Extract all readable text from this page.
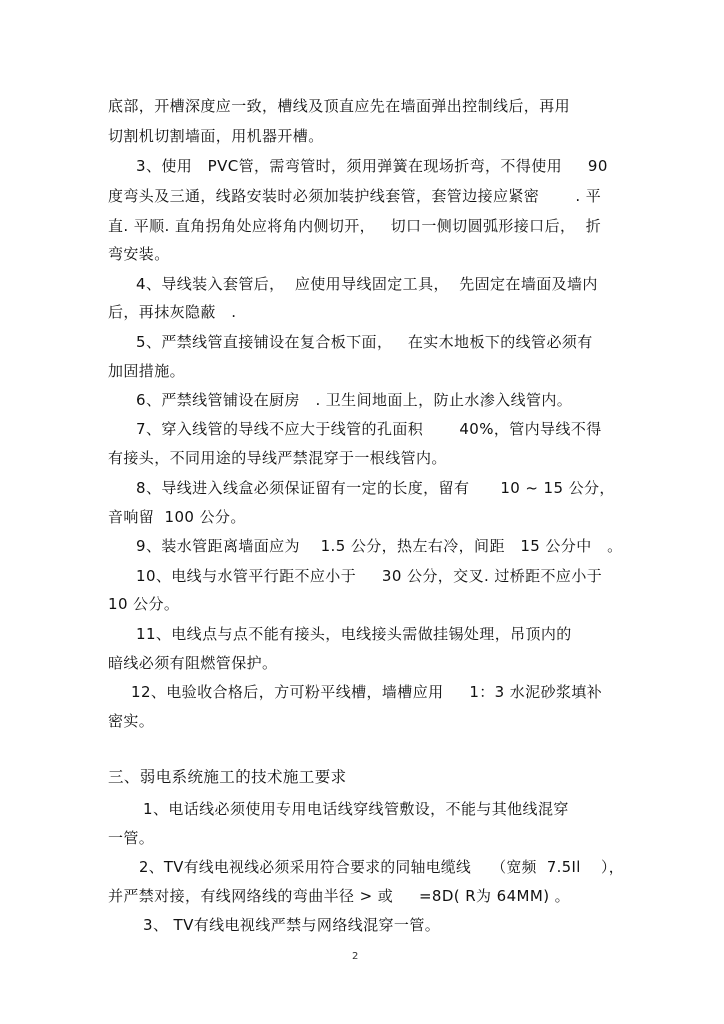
底部，开槽深度应一致，槽线及顶直应先在墙面弹出控制线后，再用
切割机切割墙面，用机器开槽。
3、使用   PVC管，需弯管时，须用弹簧在现场折弯，不得使用     90
度弯头及三通，线路安装时必须加装护线套管，套管边接应紧密       . 平
直. 平顺. 直角拐角处应将角内侧切开，   切口一侧切圆弧形接口后，  折
弯安装。
4、导线装入套管后，  应使用导线固定工具，  先固定在墙面及墙内
后，再抹灰隐蔽   .
5、严禁线管直接铺设在复合板下面，   在实木地板下的线管必须有
加固措施。
6、严禁线管铺设在厨房   . 卫生间地面上，防止水渗入线管内。
7、穿入线管的导线不应大于线管的孔面积       40%，管内导线不得
有接头，不同用途的导线严禁混穿于一根线管内。
8、导线进入线盒必须保证留有一定的长度，留有      10 ~ 15 公分，
音响留  100 公分。
9、装水管距离墙面应为    1.5 公分，热左右冷，间距   15 公分中   。
10、电线与水管平行距不应小于     30 公分，交叉. 过桥距不应小于
10 公分。
11、电线点与点不能有接头，电线接头需做挂锡处理，吊顶内的
暗线必须有阻燃管保护。
12、电验收合格后，方可粉平线槽，墙槽应用     1：3 水泥砂浆填补
密实。
三、弱电系统施工的技术施工要求
1、电话线必须使用专用电话线穿线管敷设，不能与其他线混穿
一管。
2、TV有线电视线必须采用符合要求的同轴电缆线    （宽频  7.5Il    ），
并严禁对接，有线网络线的弯曲半径 > 或     =8D( R为 64MM) 。
3、 TV有线电视线严禁与网络线混穿一管。
2
